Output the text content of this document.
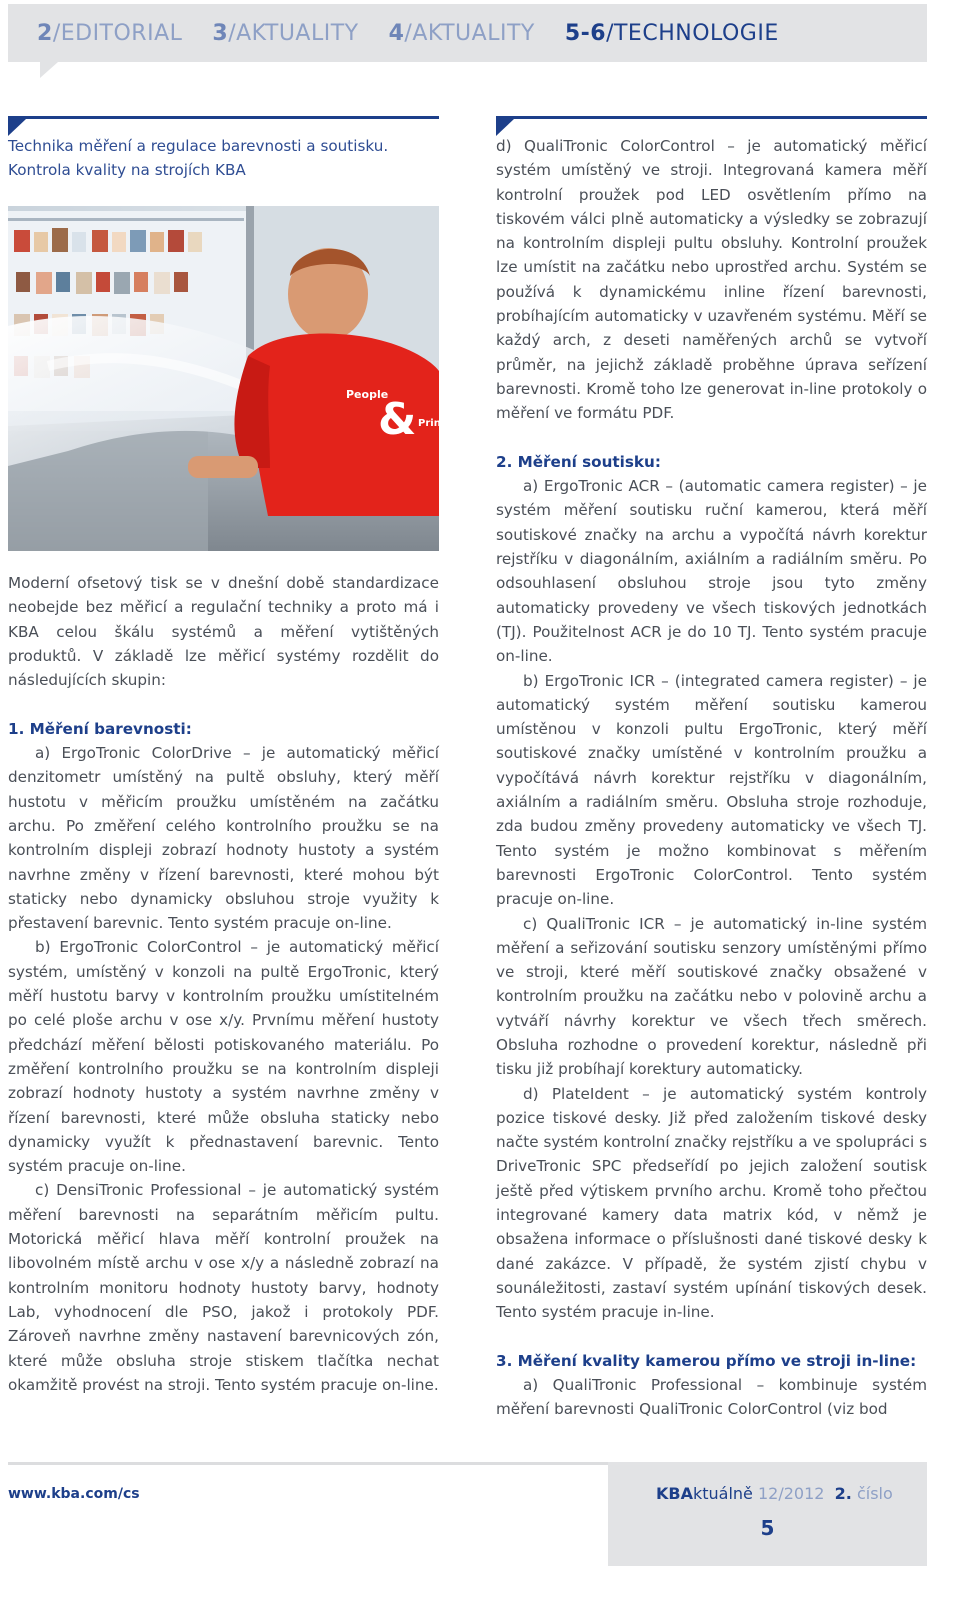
2/EDITORIAL 3/AKTUALITY 4/AKTUALITY 5-6/TECHNOLOGIE
Technika měření a regulace barevnosti a soutisku.
Kontrola kvality na strojích KBA
People
& Print

Moderní ofsetový tisk se v dnešní době standardizace neobejde bez měřicí a regulační techniky a proto má i KBA celou škálu systémů a měření vytištěných produktů. V základě lze měřicí systémy rozdělit do následujících skupin:

1. Měření barevnosti:

a) ErgoTronic ColorDrive – je automatický měřicí denzitometr umístěný na pultě obsluhy, který měří hustotu v měřicím proužku umístěném na začátku archu. Po změření celého kontrolního proužku se na kontrolním displeji zobrazí hodnoty hustoty a systém navrhne změny v řízení barevnosti, které mohou být staticky nebo dynamicky obsluhou stroje využity k přestavení barevnic. Tento systém pracuje on-line.

b) ErgoTronic ColorControl – je automatický měřicí systém, umístěný v konzoli na pultě ErgoTronic, který měří hustotu barvy v kontrolním proužku umístitelném po celé ploše archu v ose x/y. Prvnímu měření hustoty předchází měření bělosti potiskovaného materiálu. Po změření kontrolního proužku se na kontrolním displeji zobrazí hodnoty hustoty a systém navrhne změny v řízení barevnosti, které může obsluha staticky nebo dynamicky využít k přednastavení barevnic. Tento systém pracuje on-line.

c) DensiTronic Professional – je automatický systém měření barevnosti na separátním měřicím pultu. Motorická měřicí hlava měří kontrolní proužek na libovolném místě archu v ose x/y a následně zobrazí na kontrolním monitoru hodnoty hustoty barvy, hodnoty Lab, vyhodnocení dle PSO, jakož i protokoly PDF. Zároveň navrhne změny nastavení barevnicových zón, které může obsluha stroje stiskem tlačítka nechat okamžitě provést na stroji. Tento systém pracuje on-line.

d) QualiTronic ColorControl – je automatický měřicí systém umístěný ve stroji. Integrovaná kamera měří kontrolní proužek pod LED osvětlením přímo na tiskovém válci plně automaticky a výsledky se zobrazují na kontrolním displeji pultu obsluhy. Kontrolní proužek lze umístit na začátku nebo uprostřed archu. Systém se používá k dynamickému inline řízení barevnosti, probíhajícím automaticky v uzavřeném systému. Měří se každý arch, z deseti naměřených archů se vytvoří průměr, na jejichž základě proběhne úprava seřízení barevnosti. Kromě toho lze generovat in-line protokoly o měření ve formátu PDF.

2. Měření soutisku:

a) ErgoTronic ACR – (automatic camera register) – je systém měření soutisku ruční kamerou, která měří soutiskové značky na archu a vypočítá návrh korektur rejstříku v diagonálním, axiálním a radiálním směru. Po odsouhlasení obsluhou stroje jsou tyto změny automaticky provedeny ve všech tiskových jednotkách (TJ). Použitelnost ACR je do 10 TJ. Tento systém pracuje on-line.

b) ErgoTronic ICR – (integrated camera register) – je automatický systém měření soutisku kamerou umístěnou v konzoli pultu ErgoTronic, který měří soutiskové značky umístěné v kontrolním proužku a vypočítává návrh korektur rejstříku v diagonálním, axiálním a radiálním směru. Obsluha stroje rozhoduje, zda budou změny provedeny automaticky ve všech TJ. Tento systém je možno kombinovat s měřením barevnosti ErgoTronic ColorControl. Tento systém pracuje on-line.

c) QualiTronic ICR – je automatický in-line systém měření a seřizování soutisku senzory umístěnými přímo ve stroji, které měří soutiskové značky obsažené v kontrolním proužku na začátku nebo v polovině archu a vytváří návrhy korektur ve všech třech směrech. Obsluha rozhodne o provedení korektur, následně při tisku již probíhají korektury automaticky.

d) PlateIdent – je automatický systém kontroly pozice tiskové desky. Již před založením tiskové desky načte systém kontrolní značky rejstříku a ve spolupráci s DriveTronic SPC předseřídí po jejich založení soutisk ještě před výtiskem prvního archu. Kromě toho přečtou integrované kamery data matrix kód, v němž je obsažena informace o příslušnosti dané tiskové desky k dané zakázce. V případě, že systém zjistí chybu v sounáležitosti, zastaví systém upínání tiskových desek. Tento systém pracuje in-line.

3. Měření kvality kamerou přímo ve stroji in-line:

a) QualiTronic Professional – kombinuje systém měření barevnosti QualiTronic ColorControl (viz bod

www.kba.com/cs	KBAktuálně 12/2012 2. číslo
5
